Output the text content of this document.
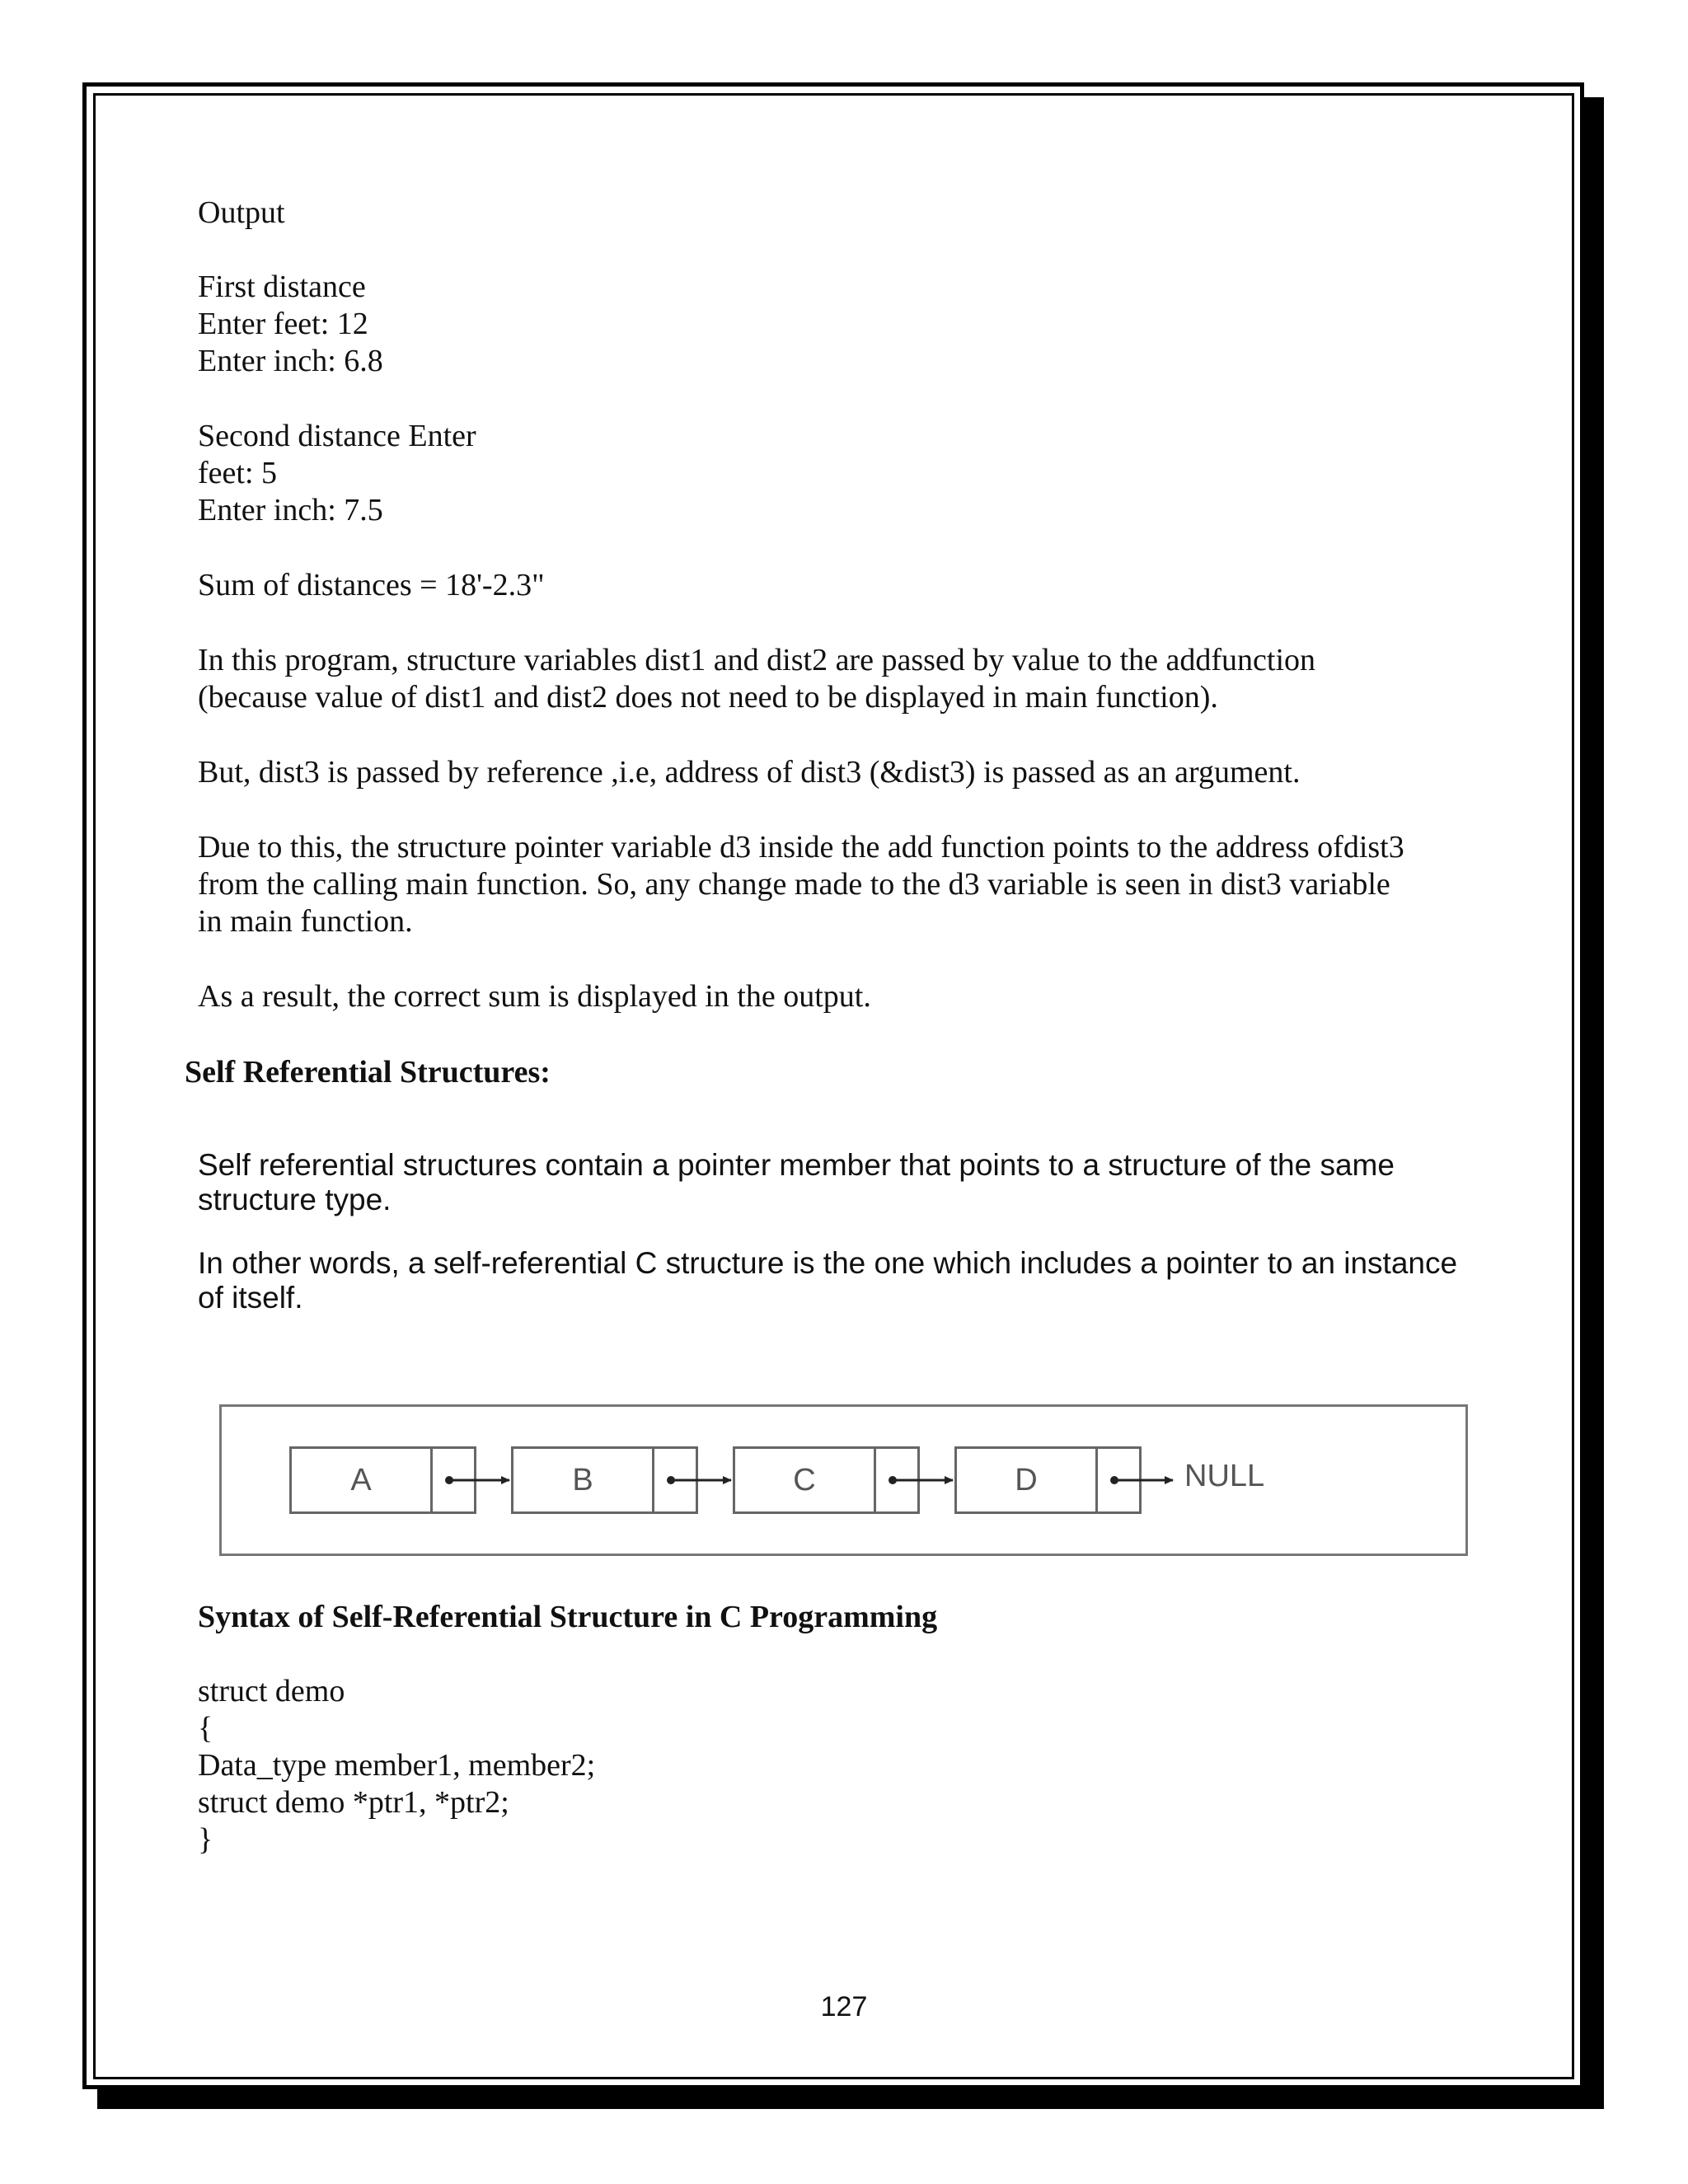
Output

First distance

Enter feet: 12

Enter inch: 6.8

Second distance Enter

feet: 5

Enter inch: 7.5

Sum of distances = 18'-2.3"

In this program, structure variables dist1 and dist2 are passed by value to the addfunction

(because value of dist1 and dist2 does not need to be displayed in main function).

But, dist3 is passed by reference ,i.e, address of dist3 (&dist3) is passed as an argument.

Due to this, the structure pointer variable d3 inside the add function points to the address ofdist3

from the calling main function. So, any change made to the d3 variable is seen in dist3 variable

in main function.

As a result, the correct sum is displayed in the output.

Self Referential Structures:

Self referential structures contain a pointer member that points to a structure of the same

structure type.

In other words, a self-referential C structure is the one which includes a pointer to an instance

of itself.

A	B	C	D	NULL

Syntax of Self-Referential Structure in C Programming

struct demo

{

Data_type member1, member2;

struct demo *ptr1, *ptr2;

}

127
